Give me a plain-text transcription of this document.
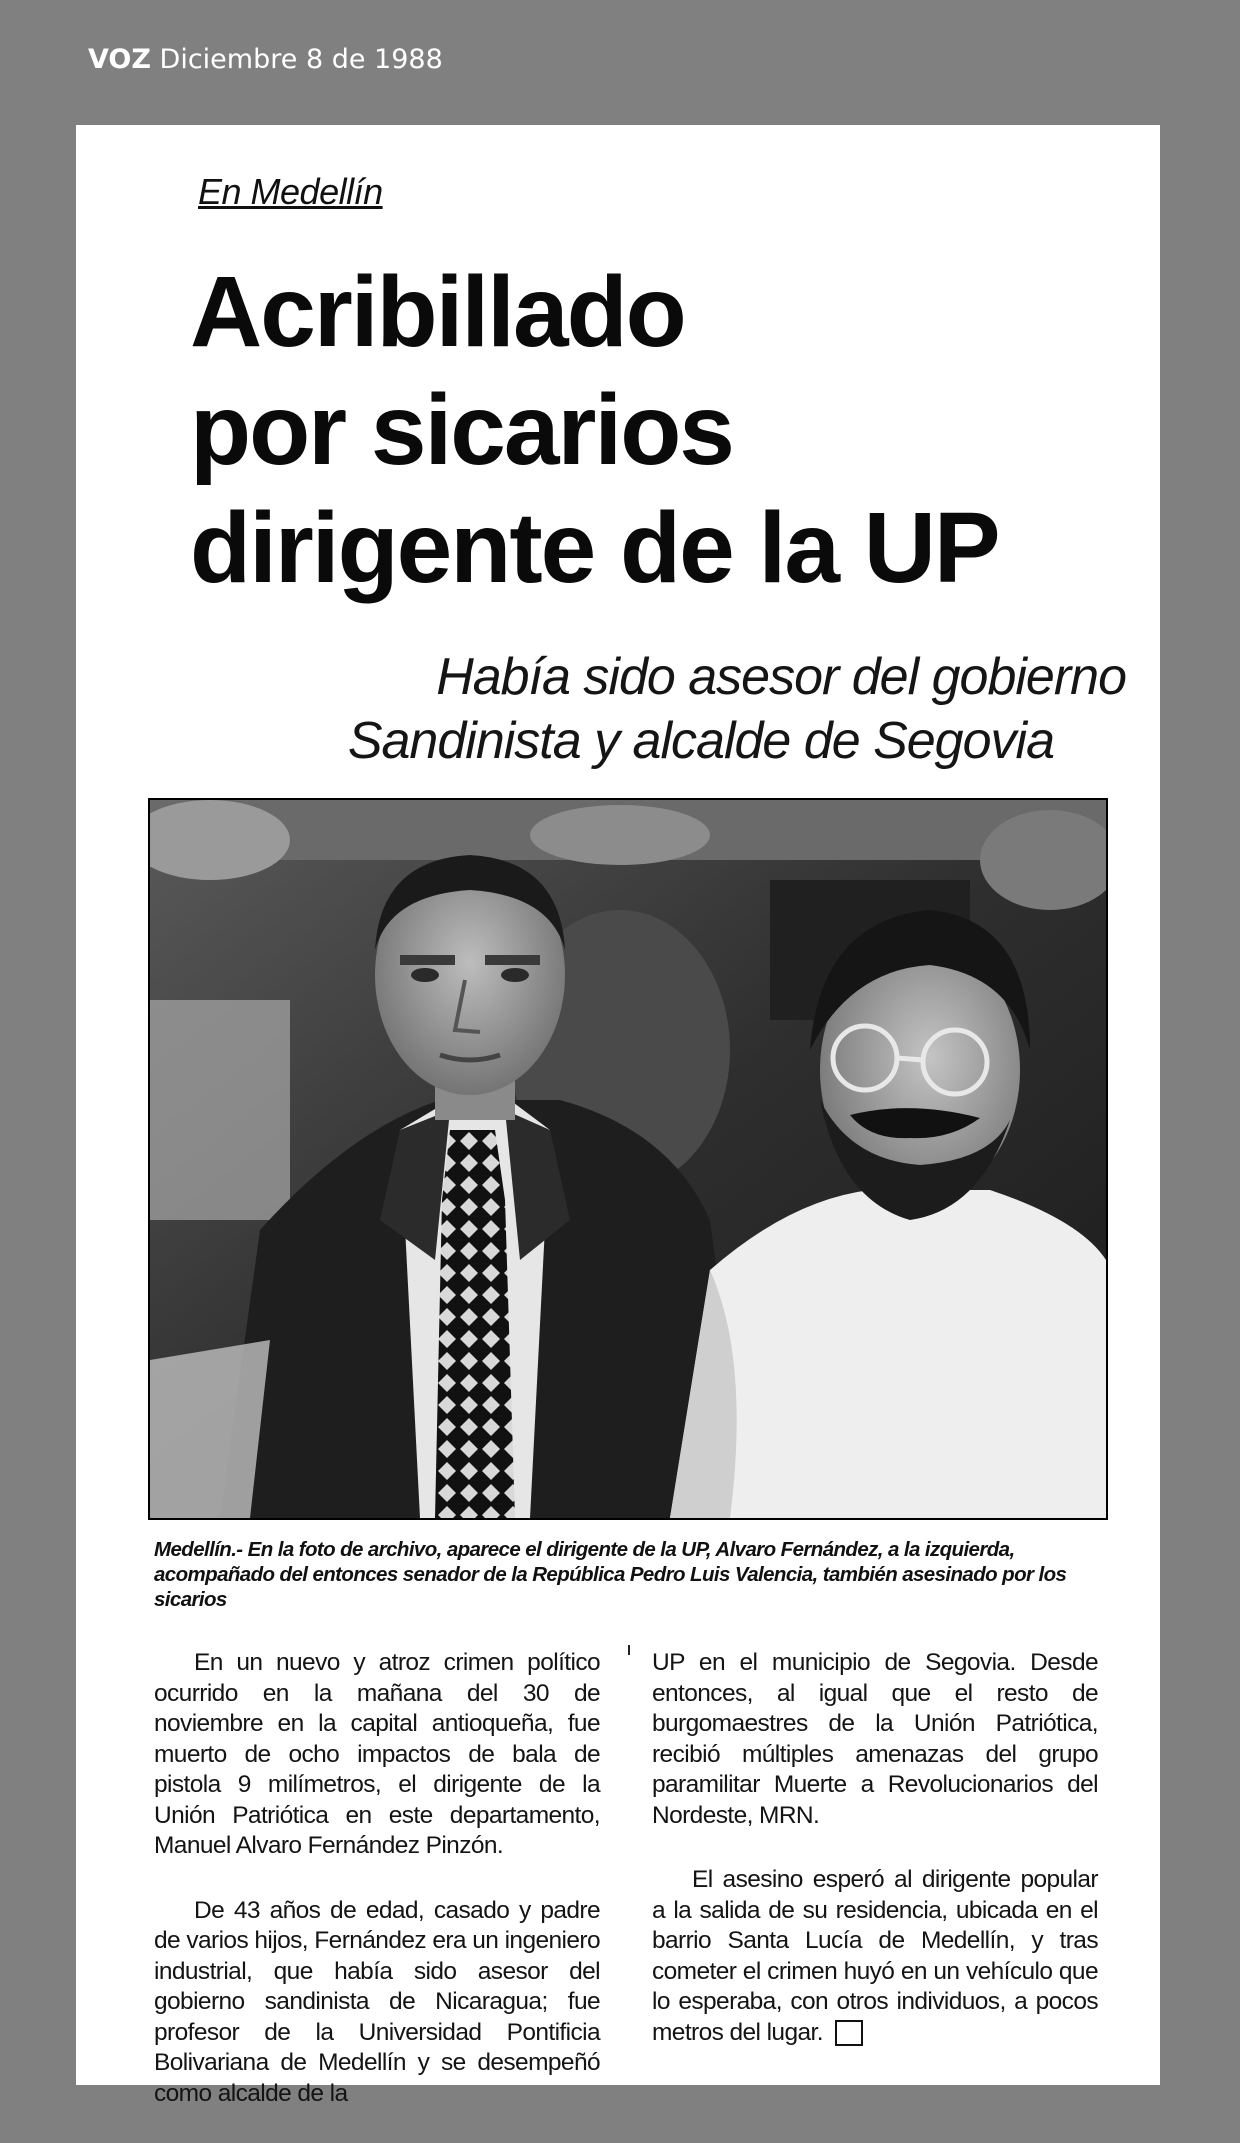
VOZ Diciembre 8 de 1988
En Medellín
Acribillado
por sicarios
dirigente de la UP
Había sido asesor del gobierno
Sandinista y alcalde de Segovia
Medellín.- En la foto de archivo, aparece el dirigente de la UP, Alvaro Fernández, a la izquierda, acompañado del entonces senador de la República Pedro Luis Valencia, también asesinado por los sicarios

En un nuevo y atroz crimen político ocurrido en la mañana del 30 de noviembre en la capital antioqueña, fue muerto de ocho impactos de bala de pistola 9 milímetros, el dirigente de la Unión Patriótica en este departamento, Manuel Alvaro Fernández Pinzón.

De 43 años de edad, casado y padre de varios hijos, Fernández era un ingeniero industrial, que había sido asesor del gobierno sandinista de Nicaragua; fue profesor de la Universidad Pontificia Bolivariana de Medellín y se desempeñó como alcalde de la

UP en el municipio de Segovia. Desde entonces, al igual que el resto de burgomaestres de la Unión Patriótica, recibió múltiples amenazas del grupo paramilitar Muerte a Revolucionarios del Nordeste, MRN.

El asesino esperó al dirigente popular a la salida de su residencia, ubicada en el barrio Santa Lucía de Medellín, y tras cometer el crimen huyó en un vehículo que lo esperaba, con otros individuos, a pocos metros del lugar.
